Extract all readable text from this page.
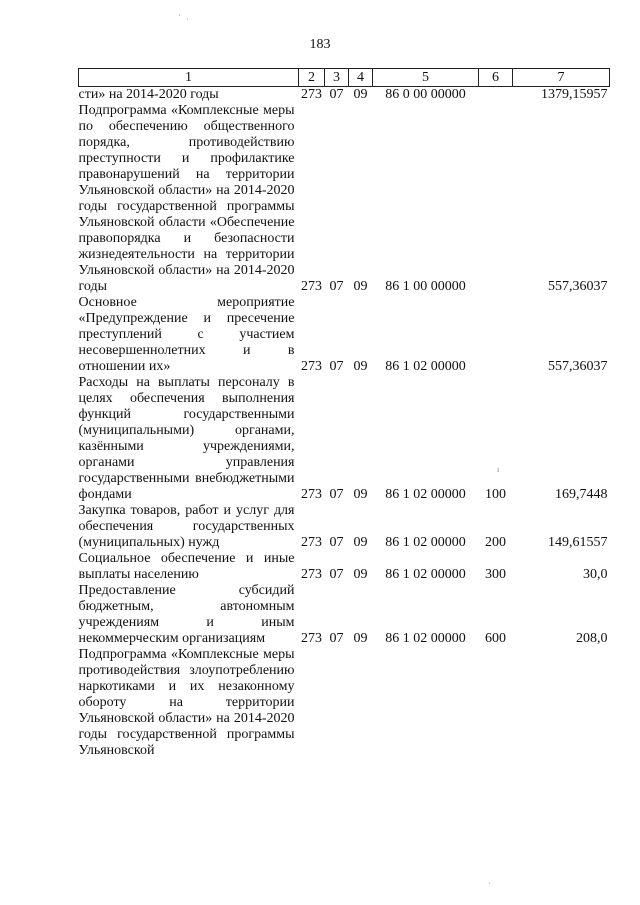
183
1	2	3	4	5	6	7
сти» на 2014-2020 годы	273	07	09	86 0 00 00000		1379,15957
Подпрограмма «Комплексные меры по обеспечению общественного порядка, противодействию преступности и профилактике правонарушений на территории Ульяновской области» на 2014-2020 годы государственной программы Ульяновской области «Обеспечение правопорядка и безопасности жизнедеятельности на территории Ульяновской области» на 2014-2020 годы	273	07	09	86 1 00 00000		557,36037
Основное мероприятие «Предупреждение и пресечение преступлений с участием несовершеннолетних и в отношении их»	273	07	09	86 1 02 00000		557,36037
Расходы на выплаты персоналу в целях обеспечения выполнения функций государственными (муниципальными) органами, казёнными учреждениями, органами управления государственными внебюджетными фондами	273	07	09	86 1 02 00000	100	169,7448
Закупка товаров, работ и услуг для обеспечения государственных (муниципальных) нужд	273	07	09	86 1 02 00000	200	149,61557
Социальное обеспечение и иные выплаты населению	273	07	09	86 1 02 00000	300	30,0
Предоставление субсидий бюджетным, автономным учреждениям и иным некоммерческим организациям	273	07	09	86 1 02 00000	600	208,0
Подпрограмма «Комплексные меры противодействия злоупотреблению наркотиками и их незаконному обороту на территории Ульяновской области» на 2014-2020 годы государственной программы Ульяновской						
· ·
ı
·
